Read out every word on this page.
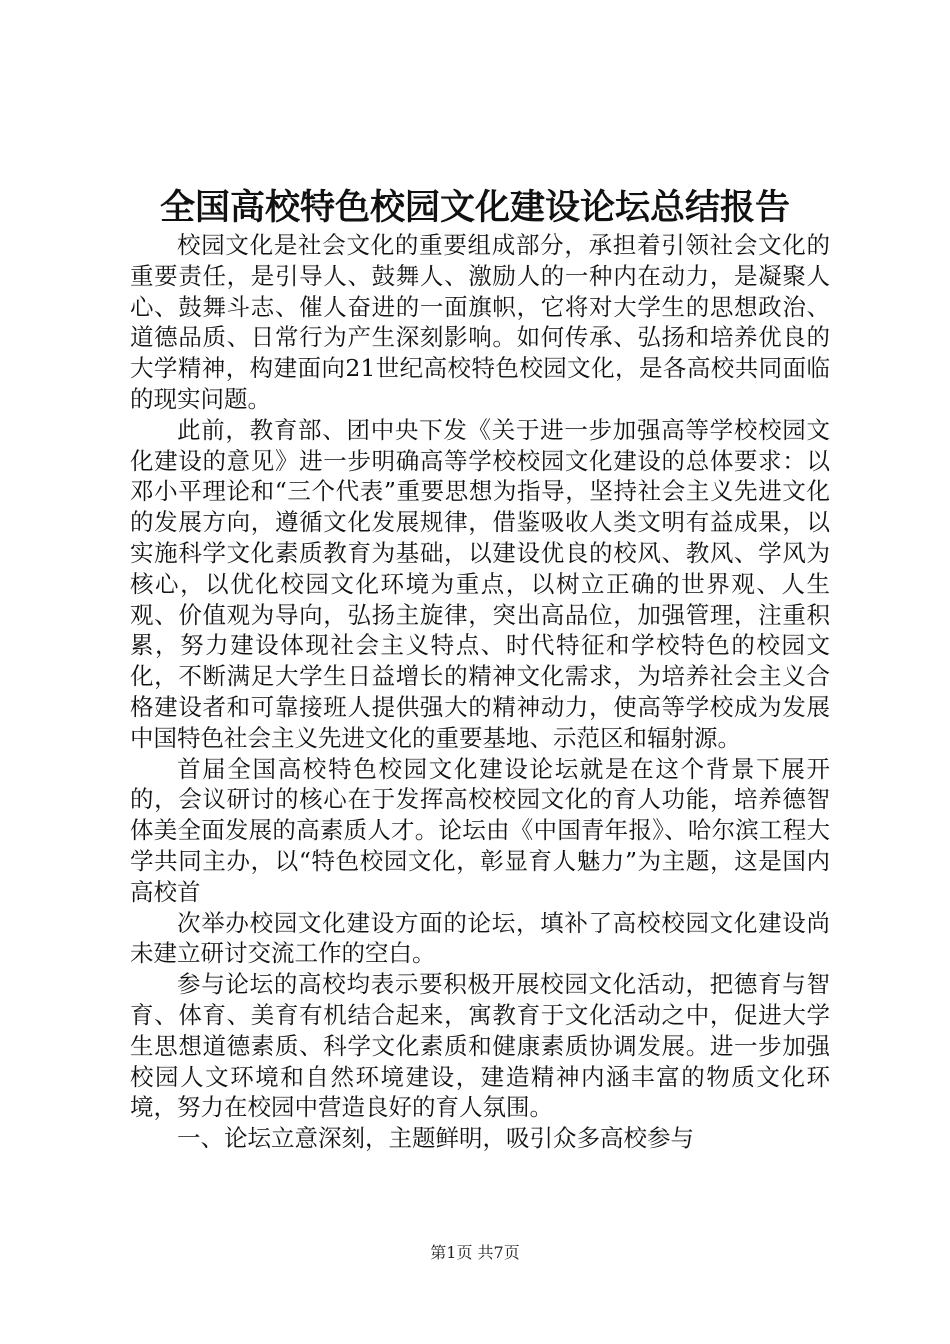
全国高校特色校园文化建设论坛总结报告

校园文化是社会文化的重要组成部分，承担着引领社会文化的重要责任，是引导人、鼓舞人、激励人的一种内在动力，是凝聚人心、鼓舞斗志、催人奋进的一面旗帜，它将对大学生的思想政治、道德品质、日常行为产生深刻影响。如何传承、弘扬和培养优良的大学精神，构建面向21世纪高校特色校园文化，是各高校共同面临的现实问题。

此前，教育部、团中央下发《关于进一步加强高等学校校园文化建设的意见》进一步明确高等学校校园文化建设的总体要求：以邓小平理论和“三个代表”重要思想为指导，坚持社会主义先进文化的发展方向，遵循文化发展规律，借鉴吸收人类文明有益成果，以实施科学文化素质教育为基础，以建设优良的校风、教风、学风为核心，以优化校园文化环境为重点，以树立正确的世界观、人生观、价值观为导向，弘扬主旋律，突出高品位，加强管理，注重积累，努力建设体现社会主义特点、时代特征和学校特色的校园文化，不断满足大学生日益增长的精神文化需求，为培养社会主义合格建设者和可靠接班人提供强大的精神动力，使高等学校成为发展中国特色社会主义先进文化的重要基地、示范区和辐射源。

首届全国高校特色校园文化建设论坛就是在这个背景下展开的，会议研讨的核心在于发挥高校校园文化的育人功能，培养德智体美全面发展的高素质人才。论坛由《中国青年报》、哈尔滨工程大学共同主办，以“特色校园文化，彰显育人魅力”为主题，这是国内高校首

次举办校园文化建设方面的论坛，填补了高校校园文化建设尚未建立研讨交流工作的空白。

参与论坛的高校均表示要积极开展校园文化活动，把德育与智育、体育、美育有机结合起来，寓教育于文化活动之中，促进大学生思想道德素质、科学文化素质和健康素质协调发展。进一步加强校园人文环境和自然环境建设，建造精神内涵丰富的物质文化环境，努力在校园中营造良好的育人氛围。

一、论坛立意深刻，主题鲜明，吸引众多高校参与

第1页 共7页
